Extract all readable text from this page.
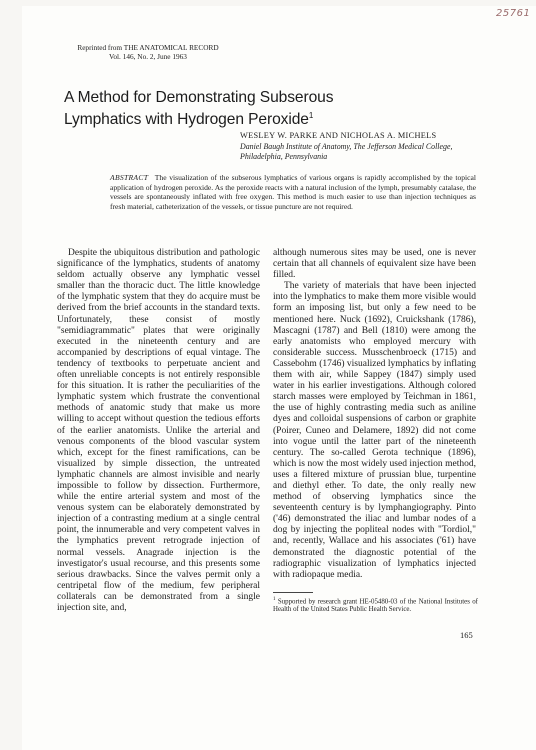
25761
Reprinted from THE ANATOMICAL RECORD
Vol. 146, No. 2, June 1963
A Method for Demonstrating Subserous
Lymphatics with Hydrogen Peroxide$^1$
WESLEY W. PARKE AND NICHOLAS A. MICHELS
Daniel Baugh Institute of Anatomy, The Jefferson Medical College,
Philadelphia, Pennsylvania
ABSTRACT The visualization of the subserous lymphatics of various organs is rapidly accomplished by the topical application of hydrogen peroxide. As the peroxide reacts with a natural inclusion of the lymph, presumably catalase, the vessels are spontaneously inflated with free oxygen. This method is much easier to use than injection techniques as fresh material, catheterization of the vessels, or tissue puncture are not required.

Despite the ubiquitous distribution and pathologic significance of the lymphatics, students of anatomy seldom actually observe any lymphatic vessel smaller than the thoracic duct. The little knowledge of the lymphatic system that they do acquire must be derived from the brief accounts in the standard texts. Unfortunately, these consist of mostly "semidiagrammatic" plates that were originally executed in the nineteenth century and are accompanied by descriptions of equal vintage. The tendency of textbooks to perpetuate ancient and often unreliable concepts is not entirely responsible for this situation. It is rather the peculiarities of the lymphatic system which frustrate the conventional methods of anatomic study that make us more willing to accept without question the tedious efforts of the earlier anatomists. Unlike the arterial and venous components of the blood vascular system which, except for the finest ramifications, can be visualized by simple dissection, the untreated lymphatic channels are almost invisible and nearly impossible to follow by dissection. Furthermore, while the entire arterial system and most of the venous system can be elaborately demonstrated by injection of a contrasting medium at a single central point, the innumerable and very competent valves in the lymphatics prevent retrograde injection of normal vessels. Anagrade injection is the investigator's usual recourse, and this presents some serious drawbacks. Since the valves permit only a centripetal flow of the medium, few peripheral collaterals can be demonstrated from a single injection site, and,

although numerous sites may be used, one is never certain that all channels of equivalent size have been filled.

The variety of materials that have been injected into the lymphatics to make them more visible would form an imposing list, but only a few need to be mentioned here. Nuck (1692), Cruickshank (1786), Mascagni (1787) and Bell (1810) were among the early anatomists who employed mercury with considerable success. Musschenbroeck (1715) and Cassebohm (1746) visualized lymphatics by inflating them with air, while Sappey (1847) simply used water in his earlier investigations. Although colored starch masses were employed by Teichman in 1861, the use of highly contrasting media such as aniline dyes and colloidal suspensions of carbon or graphite (Poirer, Cuneo and Delamere, 1892) did not come into vogue until the latter part of the nineteenth century. The so-called Gerota technique (1896), which is now the most widely used injection method, uses a filtered mixture of prussian blue, turpentine and diethyl ether. To date, the only really new method of observing lymphatics since the seventeenth century is by lymphangiography. Pinto ('46) demonstrated the iliac and lumbar nodes of a dog by injecting the popliteal nodes with "Tordiol," and, recently, Wallace and his associates ('61) have demonstrated the diagnostic potential of the radiographic visualization of lymphatics injected with radiopaque media.

$^1$ Supported by research grant HE-05480-03 of the National Institutes of Health of the United States Public Health Service.
165
